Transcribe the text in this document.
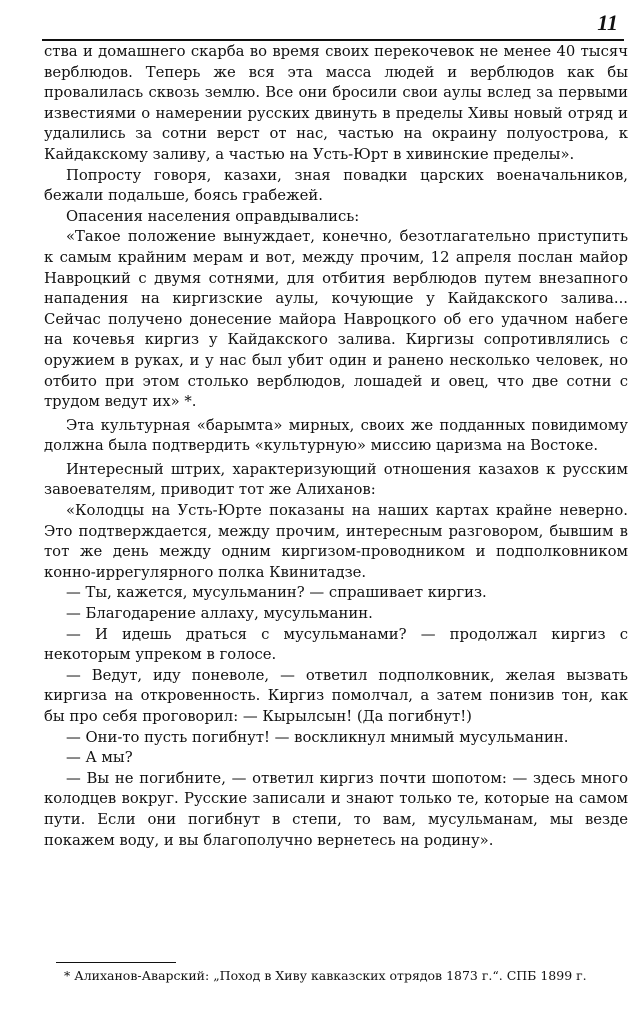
11

ства и домашнего скарба во время своих перекочевок не менее 40 тысяч верблюдов. Теперь же вся эта масса людей и верблюдов как бы провалилась сквозь землю. Все они бросили свои аулы вслед за первыми известиями о намерении русских двинуть в пределы Хивы новый отряд и удалились за сотни верст от нас, частью на окраину полуострова, к Кайдакскому заливу, а частью на Усть-Юрт в хивинские пределы».

Попросту говоря, казахи, зная повадки царских военачальников, бежали подальше, боясь грабежей.

Опасения населения оправдывались:

«Такое положение вынуждает, конечно, безотлагательно приступить к самым крайним мерам и вот, между прочим, 12 апреля послан майор Навроцкий с двумя сотнями, для отбития верблюдов путем внезапного нападения на киргизские аулы, кочующие у Кайдакского залива... Сейчас получено донесение майора Навроцкого об его удачном набеге на кочевья киргиз у Кайдакского залива. Киргизы сопротивлялись с оружием в руках, и у нас был убит один и ранено несколько человек, но отбито при этом столько верблюдов, лошадей и овец, что две сотни с трудом ведут их» *.

Эта культурная «барымта» мирных, своих же подданных повидимому должна была подтвердить «культурную» миссию царизма на Востоке.

Интересный штрих, характеризующий отношения казахов к русским завоевателям, приводит тот же Алиханов:

«Колодцы на Усть-Юрте показаны на наших картах крайне неверно. Это подтверждается, между прочим, интересным разговором, бывшим в тот же день между одним киргизом-проводником и подполковником конно-иррегулярного полка Квинитадзе.

— Ты, кажется, мусульманин? — спрашивает киргиз.

— Благодарение аллаху, мусульманин.

— И идешь драться с мусульманами? — продолжал киргиз с некоторым упреком в голосе.

— Ведут, иду поневоле, — ответил подполковник, желая вызвать киргиза на откровенность. Киргиз помолчал, а затем понизив тон, как бы про себя проговорил: — Кырылсын! (Да погибнут!)

— Они-то пусть погибнут! — воскликнул мнимый мусульманин.

— А мы?

— Вы не погибните, — ответил киргиз почти шопотом: — здесь много колодцев вокруг. Русские записали и знают только те, которые на самом пути. Если они погибнут в степи, то вам, мусульманам, мы везде покажем воду, и вы благополучно вернетесь на родину».

* Алиханов-Аварский: „Поход в Хиву кавказских отрядов 1873 г.“. СПБ 1899 г.
